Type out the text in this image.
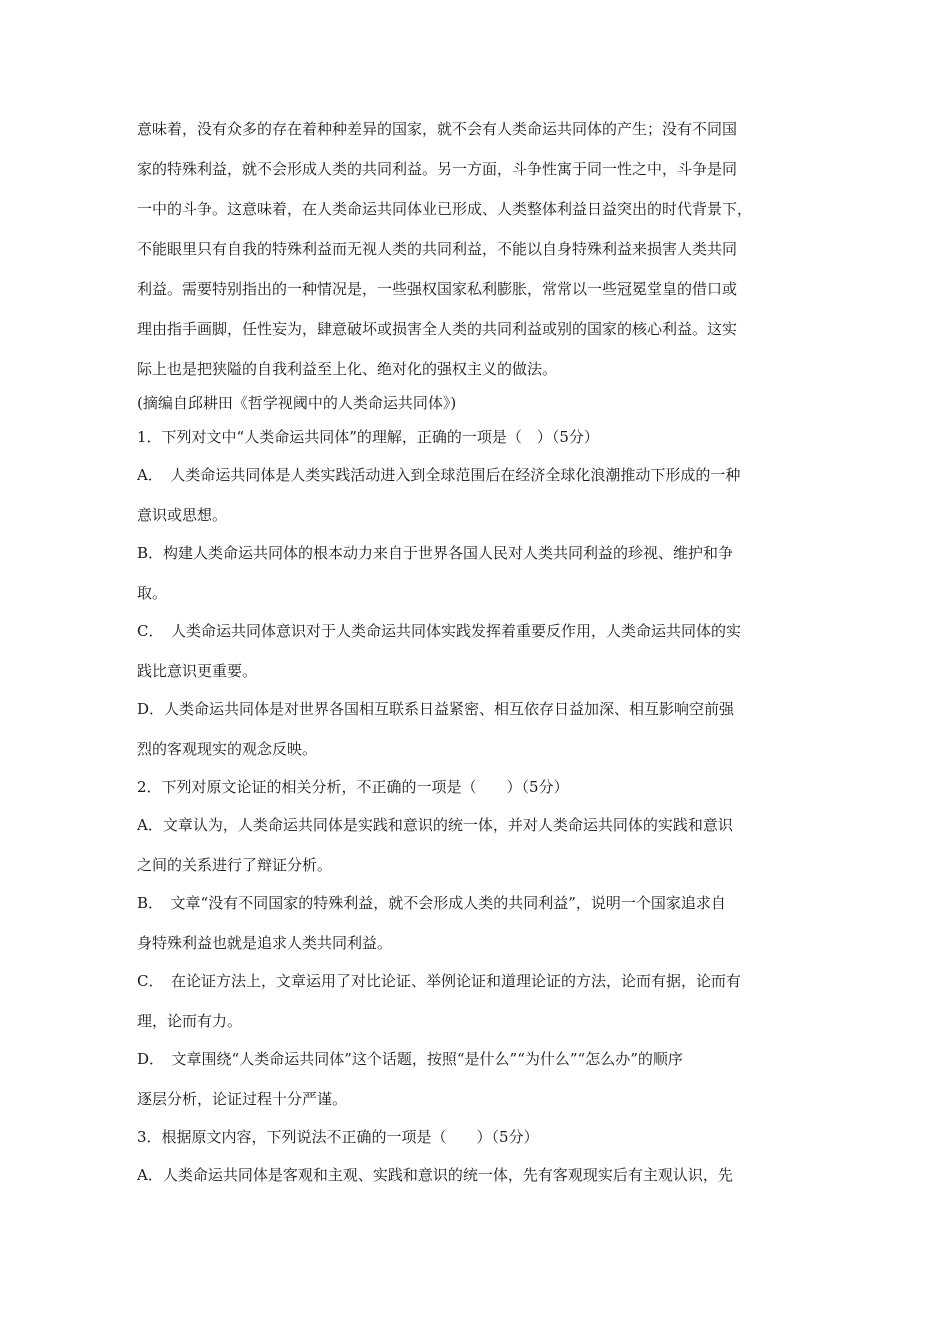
意味着，没有众多的存在着种种差异的国家，就不会有人类命运共同体的产生；没有不同国
家的特殊利益，就不会形成人类的共同利益。另一方面，斗争性寓于同一性之中，斗争是同
一中的斗争。这意味着，在人类命运共同体业已形成、人类整体利益日益突出的时代背景下，
不能眼里只有自我的特殊利益而无视人类的共同利益，不能以自身特殊利益来损害人类共同
利益。需要特别指出的一种情况是，一些强权国家私利膨胀，常常以一些冠冕堂皇的借口或
理由指手画脚，任性妄为，肆意破坏或损害全人类的共同利益或别的国家的核心利益。这实
际上也是把狭隘的自我利益至上化、绝对化的强权主义的做法。
(摘编自邱耕田《哲学视阈中的人类命运共同体》)
1．下列对文中“人类命运共同体”的理解，正确的一项是（　）（5分）
A．　人类命运共同体是人类实践活动进入到全球范围后在经济全球化浪潮推动下形成的一种
意识或思想。
B．构建人类命运共同体的根本动力来自于世界各国人民对人类共同利益的珍视、维护和争
取。
C．　人类命运共同体意识对于人类命运共同体实践发挥着重要反作用，人类命运共同体的实
践比意识更重要。
D．人类命运共同体是对世界各国相互联系日益紧密、相互依存日益加深、相互影响空前强
烈的客观现实的观念反映。
2．下列对原文论证的相关分析，不正确的一项是（　　）（5分）
A．文章认为，人类命运共同体是实践和意识的统一体，并对人类命运共同体的实践和意识
之间的关系进行了辩证分析。
B．　文章“没有不同国家的特殊利益，就不会形成人类的共同利益”，说明一个国家追求自
身特殊利益也就是追求人类共同利益。
C．　在论证方法上，文章运用了对比论证、举例论证和道理论证的方法，论而有据，论而有
理，论而有力。
D．　文章围绕“人类命运共同体”这个话题，按照“是什么”“为什么”“怎么办”的顺序
逐层分析，论证过程十分严谨。
3．根据原文内容，下列说法不正确的一项是（　　）（5分）
A．人类命运共同体是客观和主观、实践和意识的统一体，先有客观现实后有主观认识，先
